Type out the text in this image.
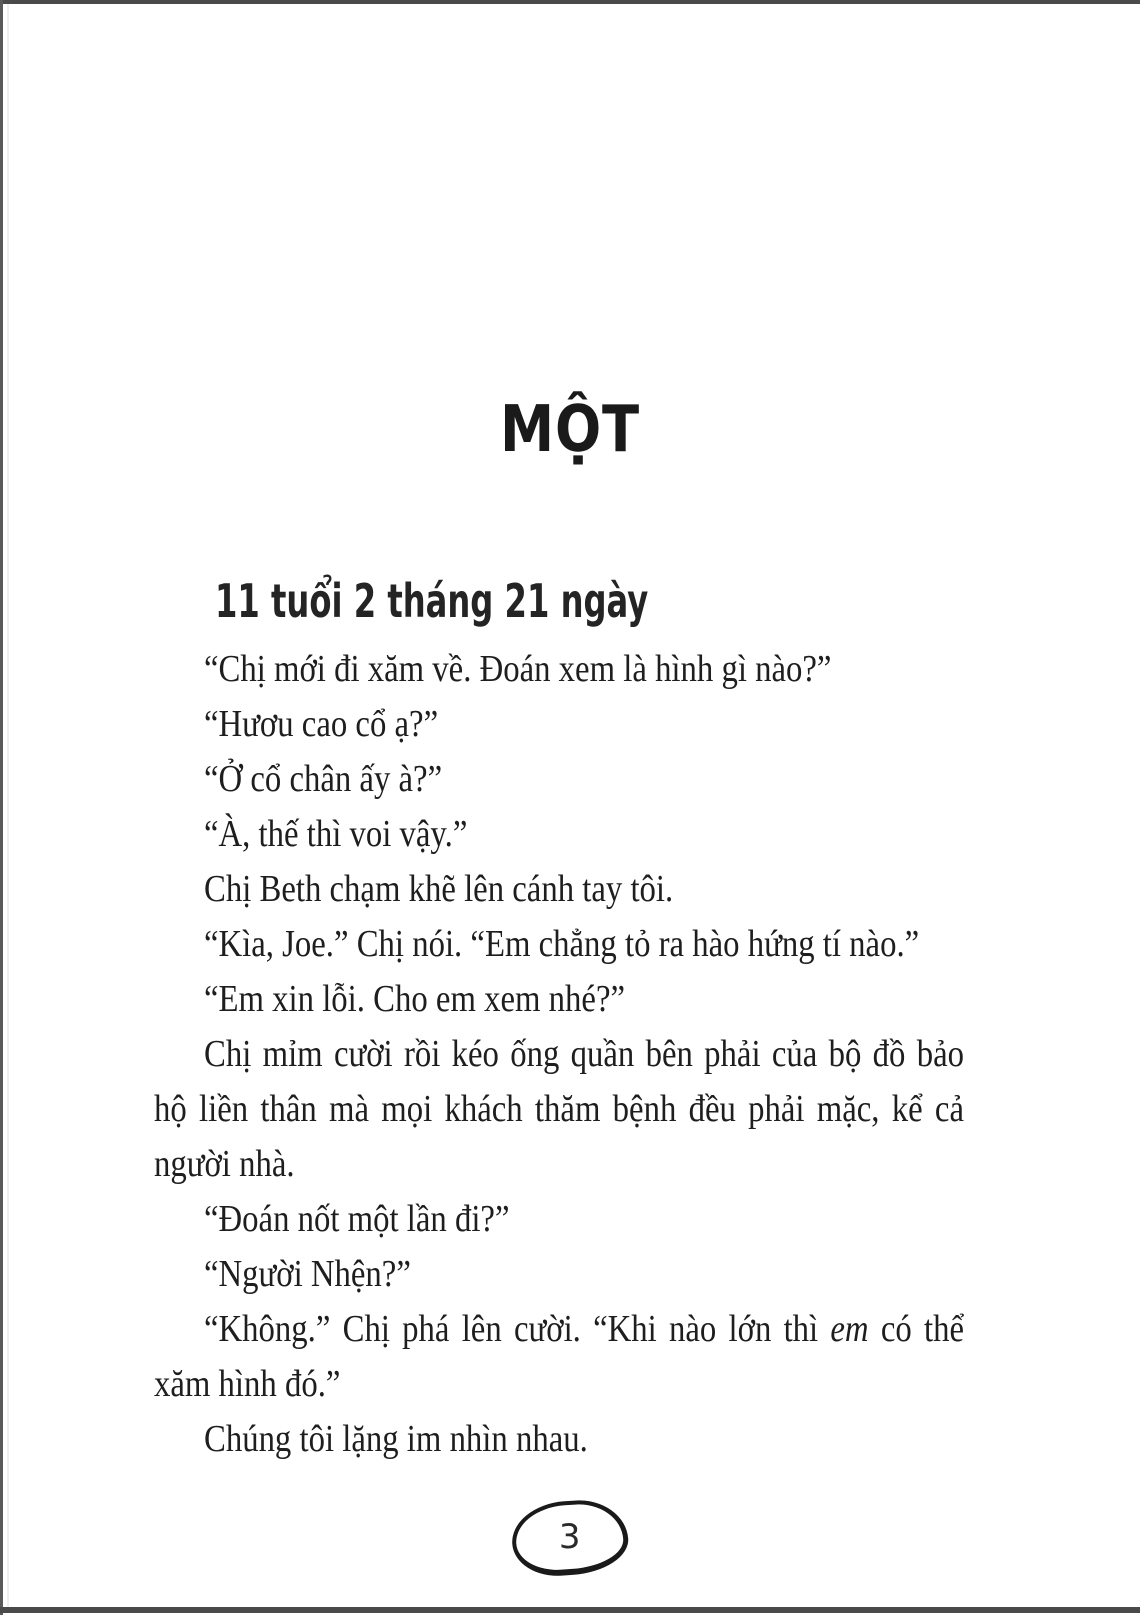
MỘT
11 tuổi 2 tháng 21 ngày
“Chị mới đi xăm về. Đoán xem là hình gì nào?”
“Hươu cao cổ ạ?”
“Ở cổ chân ấy à?”
“À, thế thì voi vậy.”
Chị Beth chạm khẽ lên cánh tay tôi.
“Kìa, Joe.” Chị nói. “Em chẳng tỏ ra hào hứng tí nào.”
“Em xin lỗi. Cho em xem nhé?”
Chị mỉm cười rồi kéo ống quần bên phải của bộ đồ bảo
hộ liền thân mà mọi khách thăm bệnh đều phải mặc, kể cả
người nhà.
“Đoán nốt một lần đi?”
“Người Nhện?”
“Không.” Chị phá lên cười. “Khi nào lớn thì em có thể
xăm hình đó.”
Chúng tôi lặng im nhìn nhau.
3
